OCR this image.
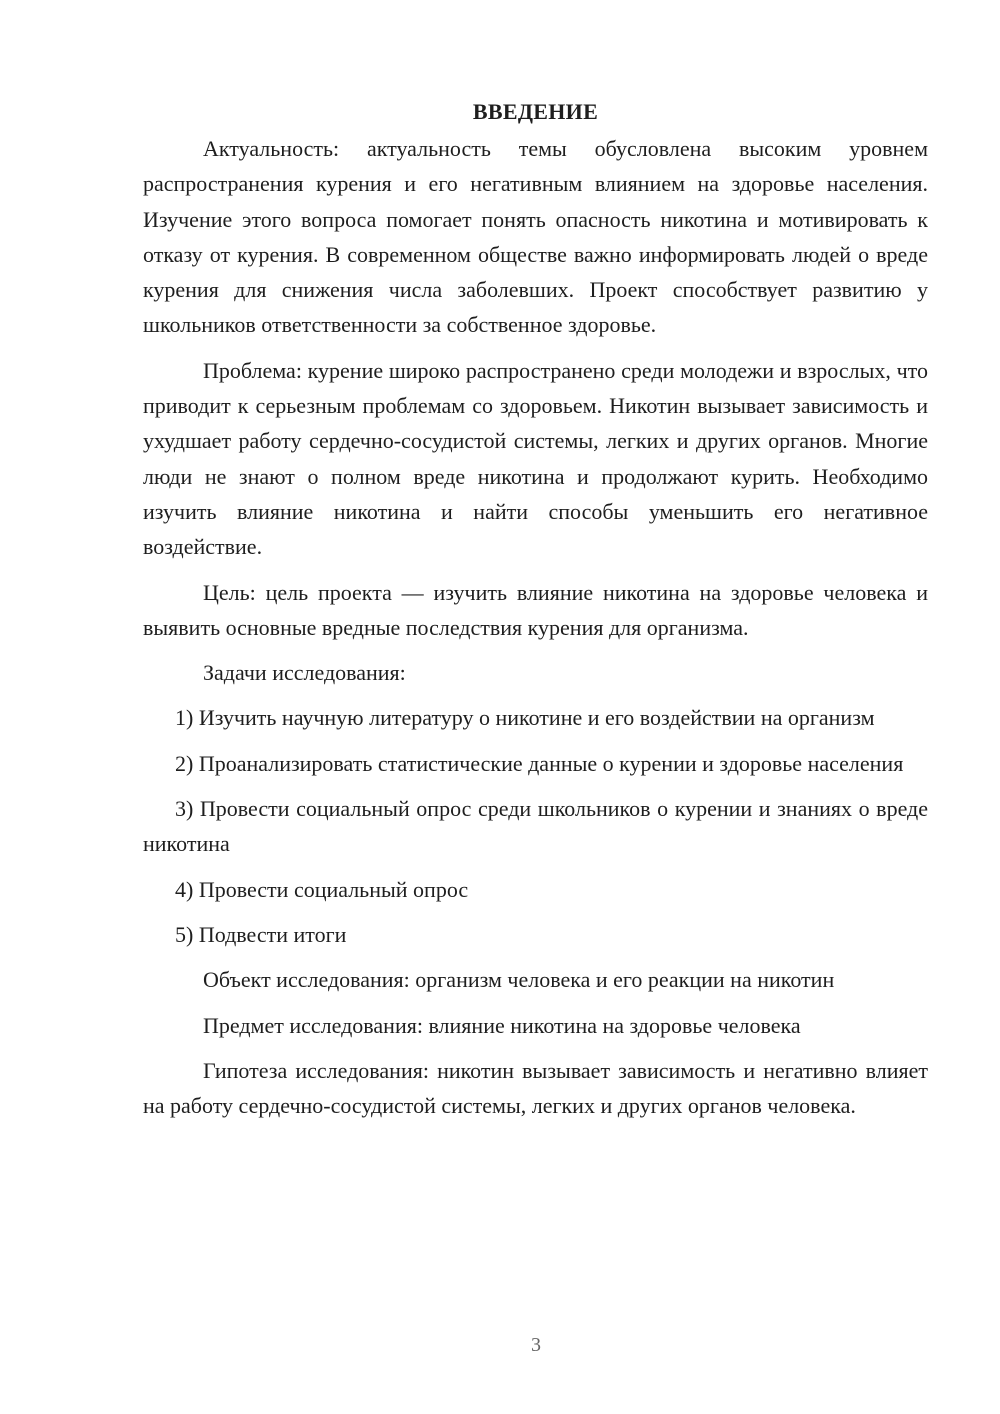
ВВЕДЕНИЕ

Актуальность: актуальность темы обусловлена высоким уровнем распространения курения и его негативным влиянием на здоровье населения. Изучение этого вопроса помогает понять опасность никотина и мотивировать к отказу от курения. В современном обществе важно информировать людей о вреде курения для снижения числа заболевших. Проект способствует развитию у школьников ответственности за собственное здоровье.

Проблема: курение широко распространено среди молодежи и взрослых, что приводит к серьезным проблемам со здоровьем. Никотин вызывает зависимость и ухудшает работу сердечно-сосудистой системы, легких и других органов. Многие люди не знают о полном вреде никотина и продолжают курить. Необходимо изучить влияние никотина и найти способы уменьшить его негативное воздействие.

Цель: цель проекта — изучить влияние никотина на здоровье человека и выявить основные вредные последствия курения для организма.

Задачи исследования:

1) Изучить научную литературу о никотине и его воздействии на организм

2) Проанализировать статистические данные о курении и здоровье населения

3) Провести социальный опрос среди школьников о курении и знаниях о вреде никотина

4) Провести социальный опрос

5) Подвести итоги

Объект исследования: организм человека и его реакции на никотин

Предмет исследования: влияние никотина на здоровье человека

Гипотеза исследования: никотин вызывает зависимость и негативно влияет на работу сердечно-сосудистой системы, легких и других органов человека.

3
